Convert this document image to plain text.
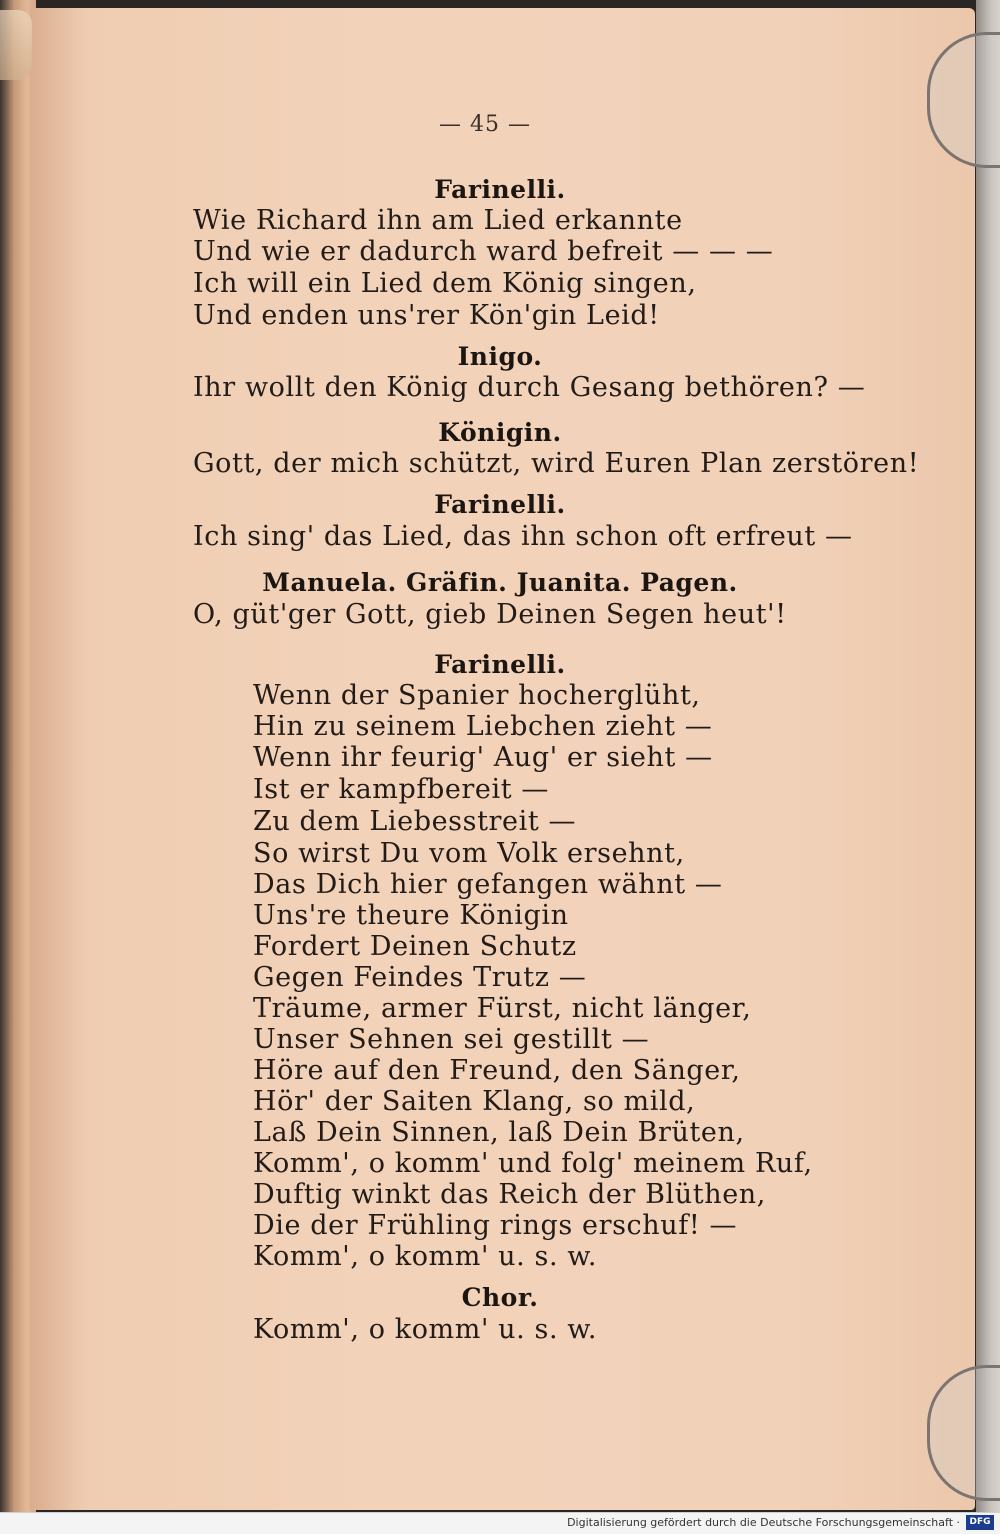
— 45 —
Farinelli.
Wie Richard ihn am Lied erkannte
Und wie er dadurch ward befreit — — —
Ich will ein Lied dem König singen,
Und enden uns'rer Kön'gin Leid!
Inigo.
Ihr wollt den König durch Gesang bethören? —
Königin.
Gott, der mich schützt, wird Euren Plan zerstören!
Farinelli.
Ich sing' das Lied, das ihn schon oft erfreut —
Manuela. Gräfin. Juanita. Pagen.
O, güt'ger Gott, gieb Deinen Segen heut'!
Farinelli.
Wenn der Spanier hocherglüht,
Hin zu seinem Liebchen zieht —
Wenn ihr feurig' Aug' er sieht —
Ist er kampfbereit —
Zu dem Liebesstreit —
So wirst Du vom Volk ersehnt,
Das Dich hier gefangen wähnt —
Uns're theure Königin
Fordert Deinen Schutz
Gegen Feindes Trutz —
Träume, armer Fürst, nicht länger,
Unser Sehnen sei gestillt —
Höre auf den Freund, den Sänger,
Hör' der Saiten Klang, so mild,
Laß Dein Sinnen, laß Dein Brüten,
Komm', o komm' und folg' meinem Ruf,
Duftig winkt das Reich der Blüthen,
Die der Frühling rings erschuf! —
Komm', o komm' u. s. w.
Chor.
Komm', o komm' u. s. w.
Digitalisierung gefördert durch die Deutsche Forschungsgemeinschaft ·	DFG
